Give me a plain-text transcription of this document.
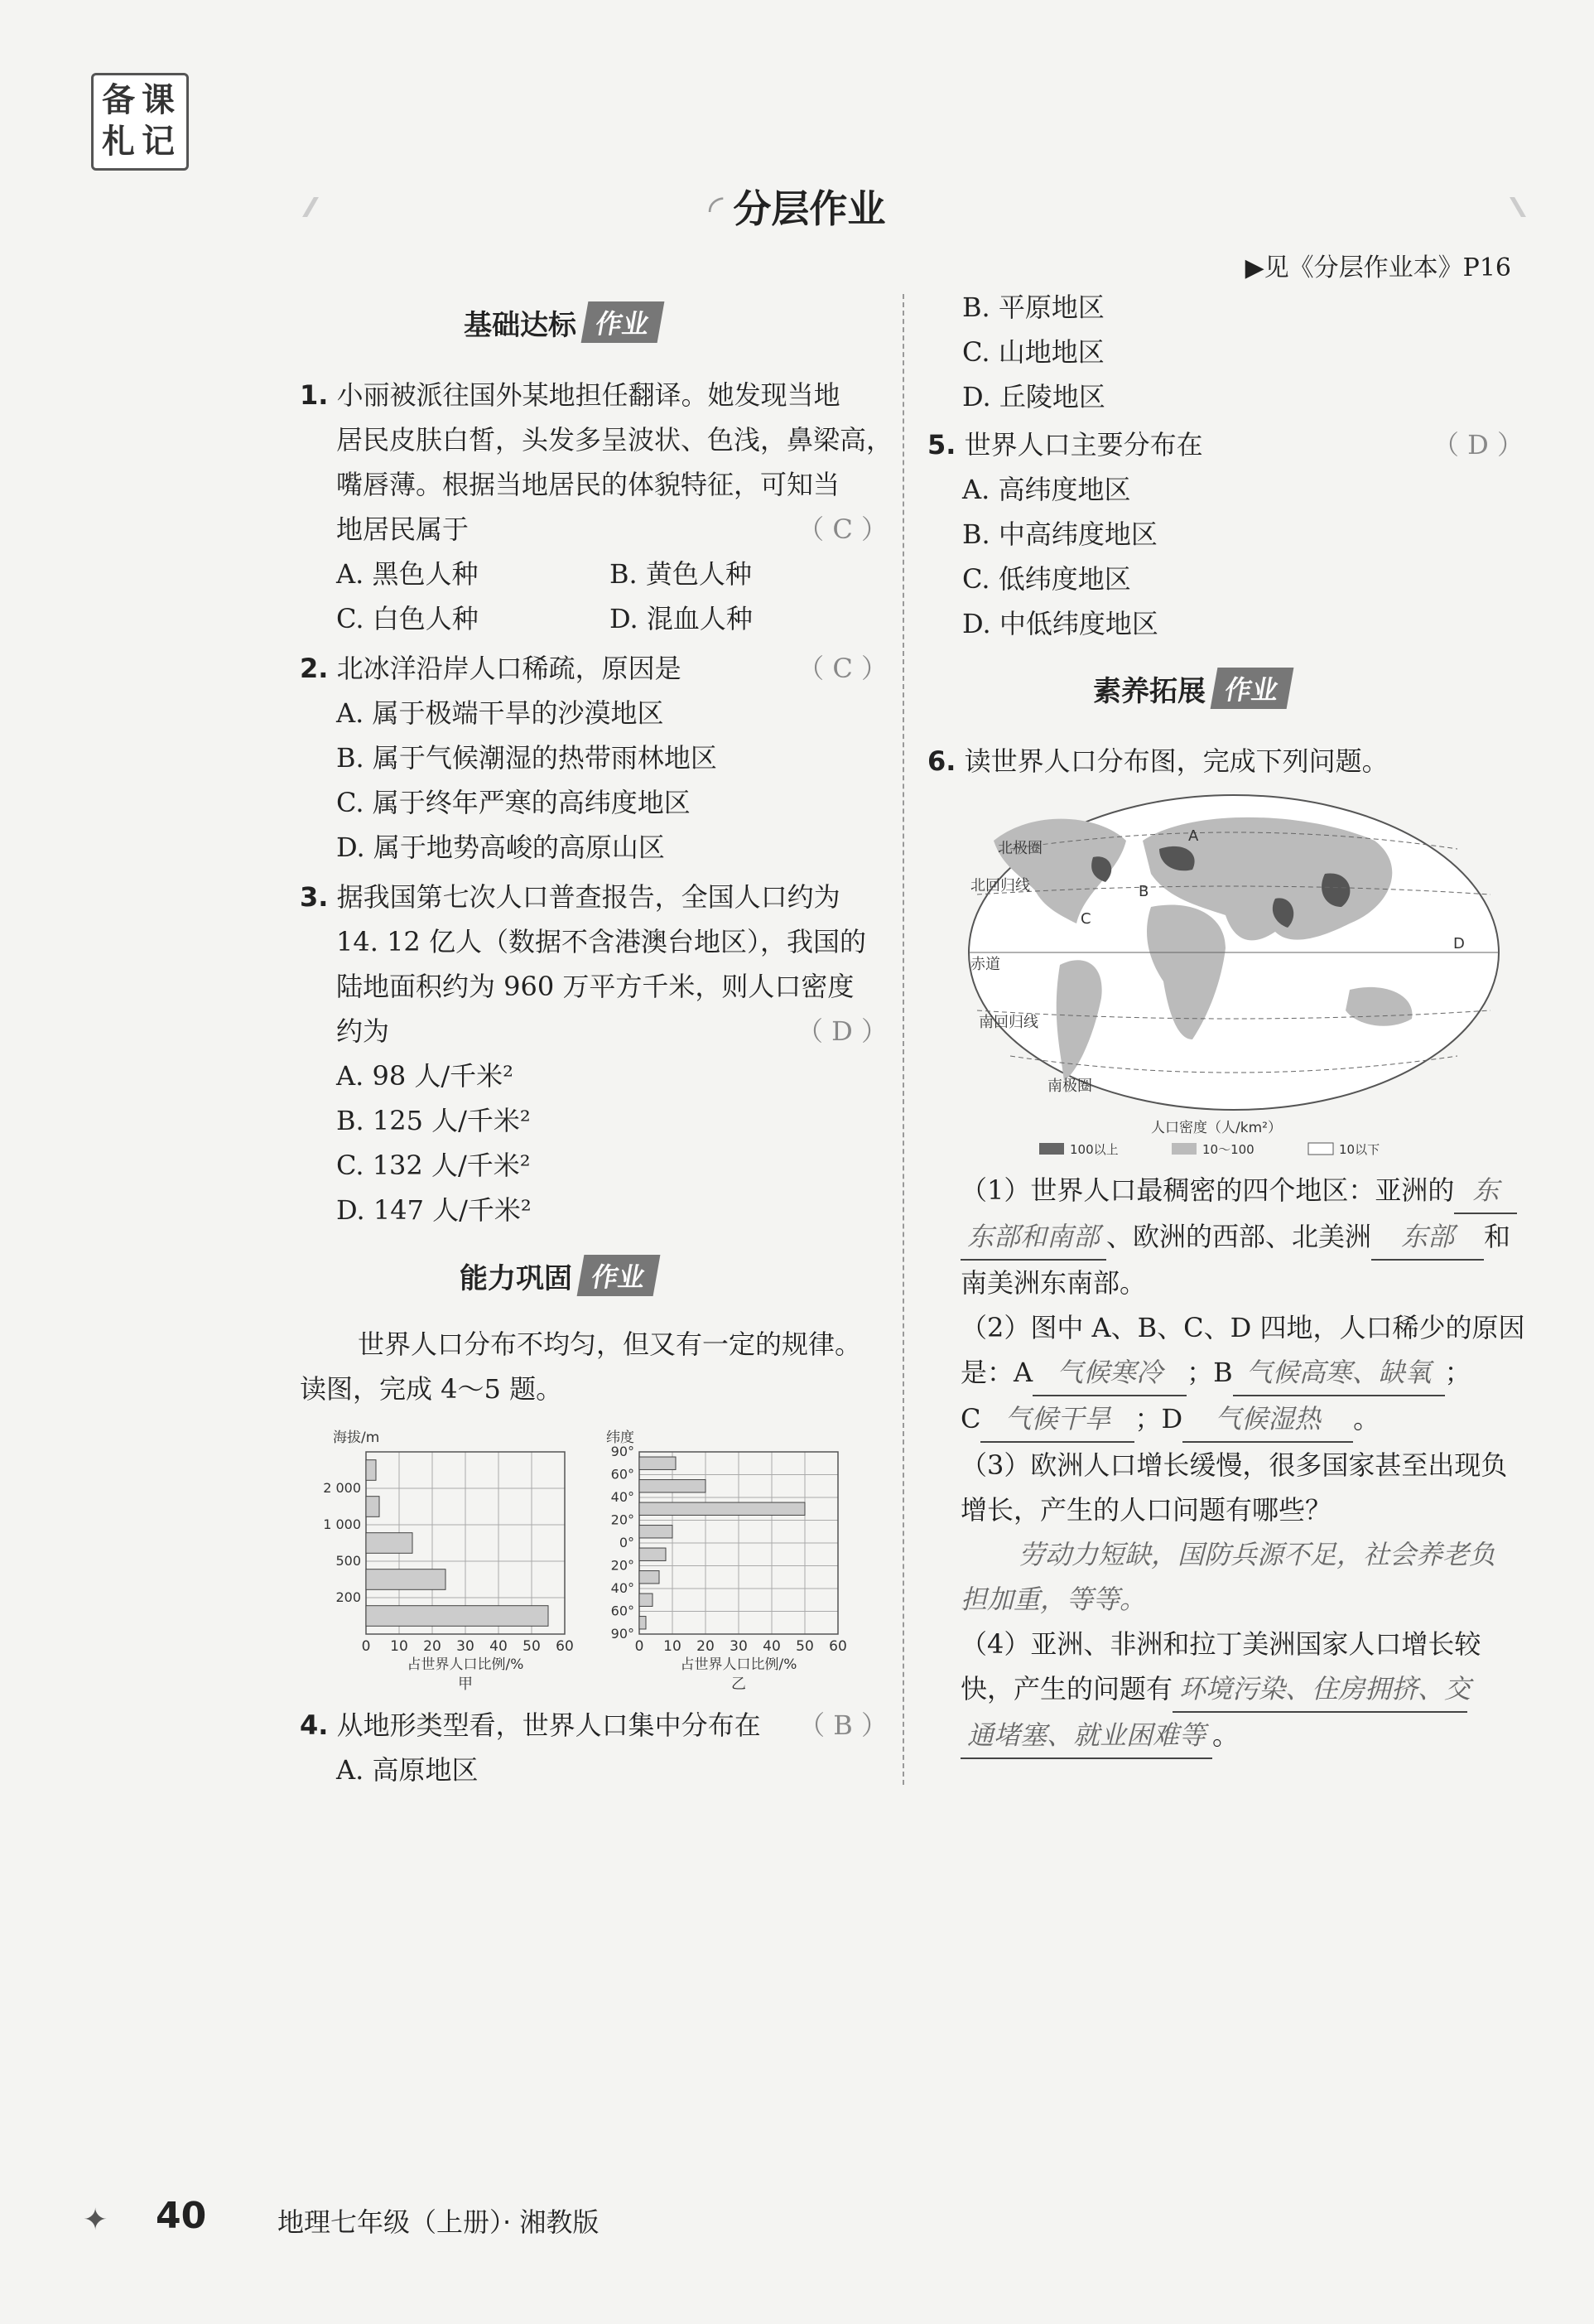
备 课
札 记
◜ 分层作业
▶见《分层作业本》P16
基础达标 作业
1. 小丽被派往国外某地担任翻译。她发现当地
居民皮肤白皙，头发多呈波状、色浅，鼻梁高，
嘴唇薄。根据当地居民的体貌特征，可知当
地居民属于	（ C ）
A. 黑色人种	B. 黄色人种
C. 白色人种	D. 混血人种
2. 北冰洋沿岸人口稀疏，原因是	（ C ）
A. 属于极端干旱的沙漠地区
B. 属于气候潮湿的热带雨林地区
C. 属于终年严寒的高纬度地区
D. 属于地势高峻的高原山区
3. 据我国第七次人口普查报告，全国人口约为
14. 12 亿人（数据不含港澳台地区），我国的
陆地面积约为 960 万平方千米，则人口密度
约为	（ D ）
A. 98 人/千米²
B. 125 人/千米²
C. 132 人/千米²
D. 147 人/千米²
能力巩固 作业
世界人口分布不均匀，但又有一定的规律。
读图，完成 4～5 题。
0 10 20 30 40 50 60
2 000
1 000
500
200
海拔/m
占世界人口比例/%
甲
0 10 20 30 40 50 60
90°
60°
40°
20°
0°
20°
40°
60°
90°
纬度
占世界人口比例/%
乙
4. 从地形类型看，世界人口集中分布在 （ B ）
A. 高原地区
B. 平原地区
C. 山地地区
D. 丘陵地区
5. 世界人口主要分布在	（ D ）
A. 高纬度地区
B. 中高纬度地区
C. 低纬度地区
D. 中低纬度地区
素养拓展 作业
6. 读世界人口分布图，完成下列问题。
A
B
C
D
北极圈
北回归线
赤道
南回归线
南极圈
人口密度（人/km²）
100以上	10～100	10以下
（1）世界人口最稠密的四个地区：亚洲的 东
东部和南部 、欧洲的西部、北美洲 东部 和
南美洲东南部。
（2）图中 A、B、C、D 四地，人口稀少的原因
是：A 气候寒冷 ；B 气候高寒、缺氧 ；
C 气候干旱 ；D 气候湿热 。
（3）欧洲人口增长缓慢，很多国家甚至出现负
增长，产生的人口问题有哪些？
劳动力短缺，国防兵源不足，社会养老负
担加重，等等。
（4）亚洲、非洲和拉丁美洲国家人口增长较
快，产生的问题有 环境污染、住房拥挤、交
通堵塞、就业困难等 。
✦ 40	地理七年级（上册）· 湘教版
